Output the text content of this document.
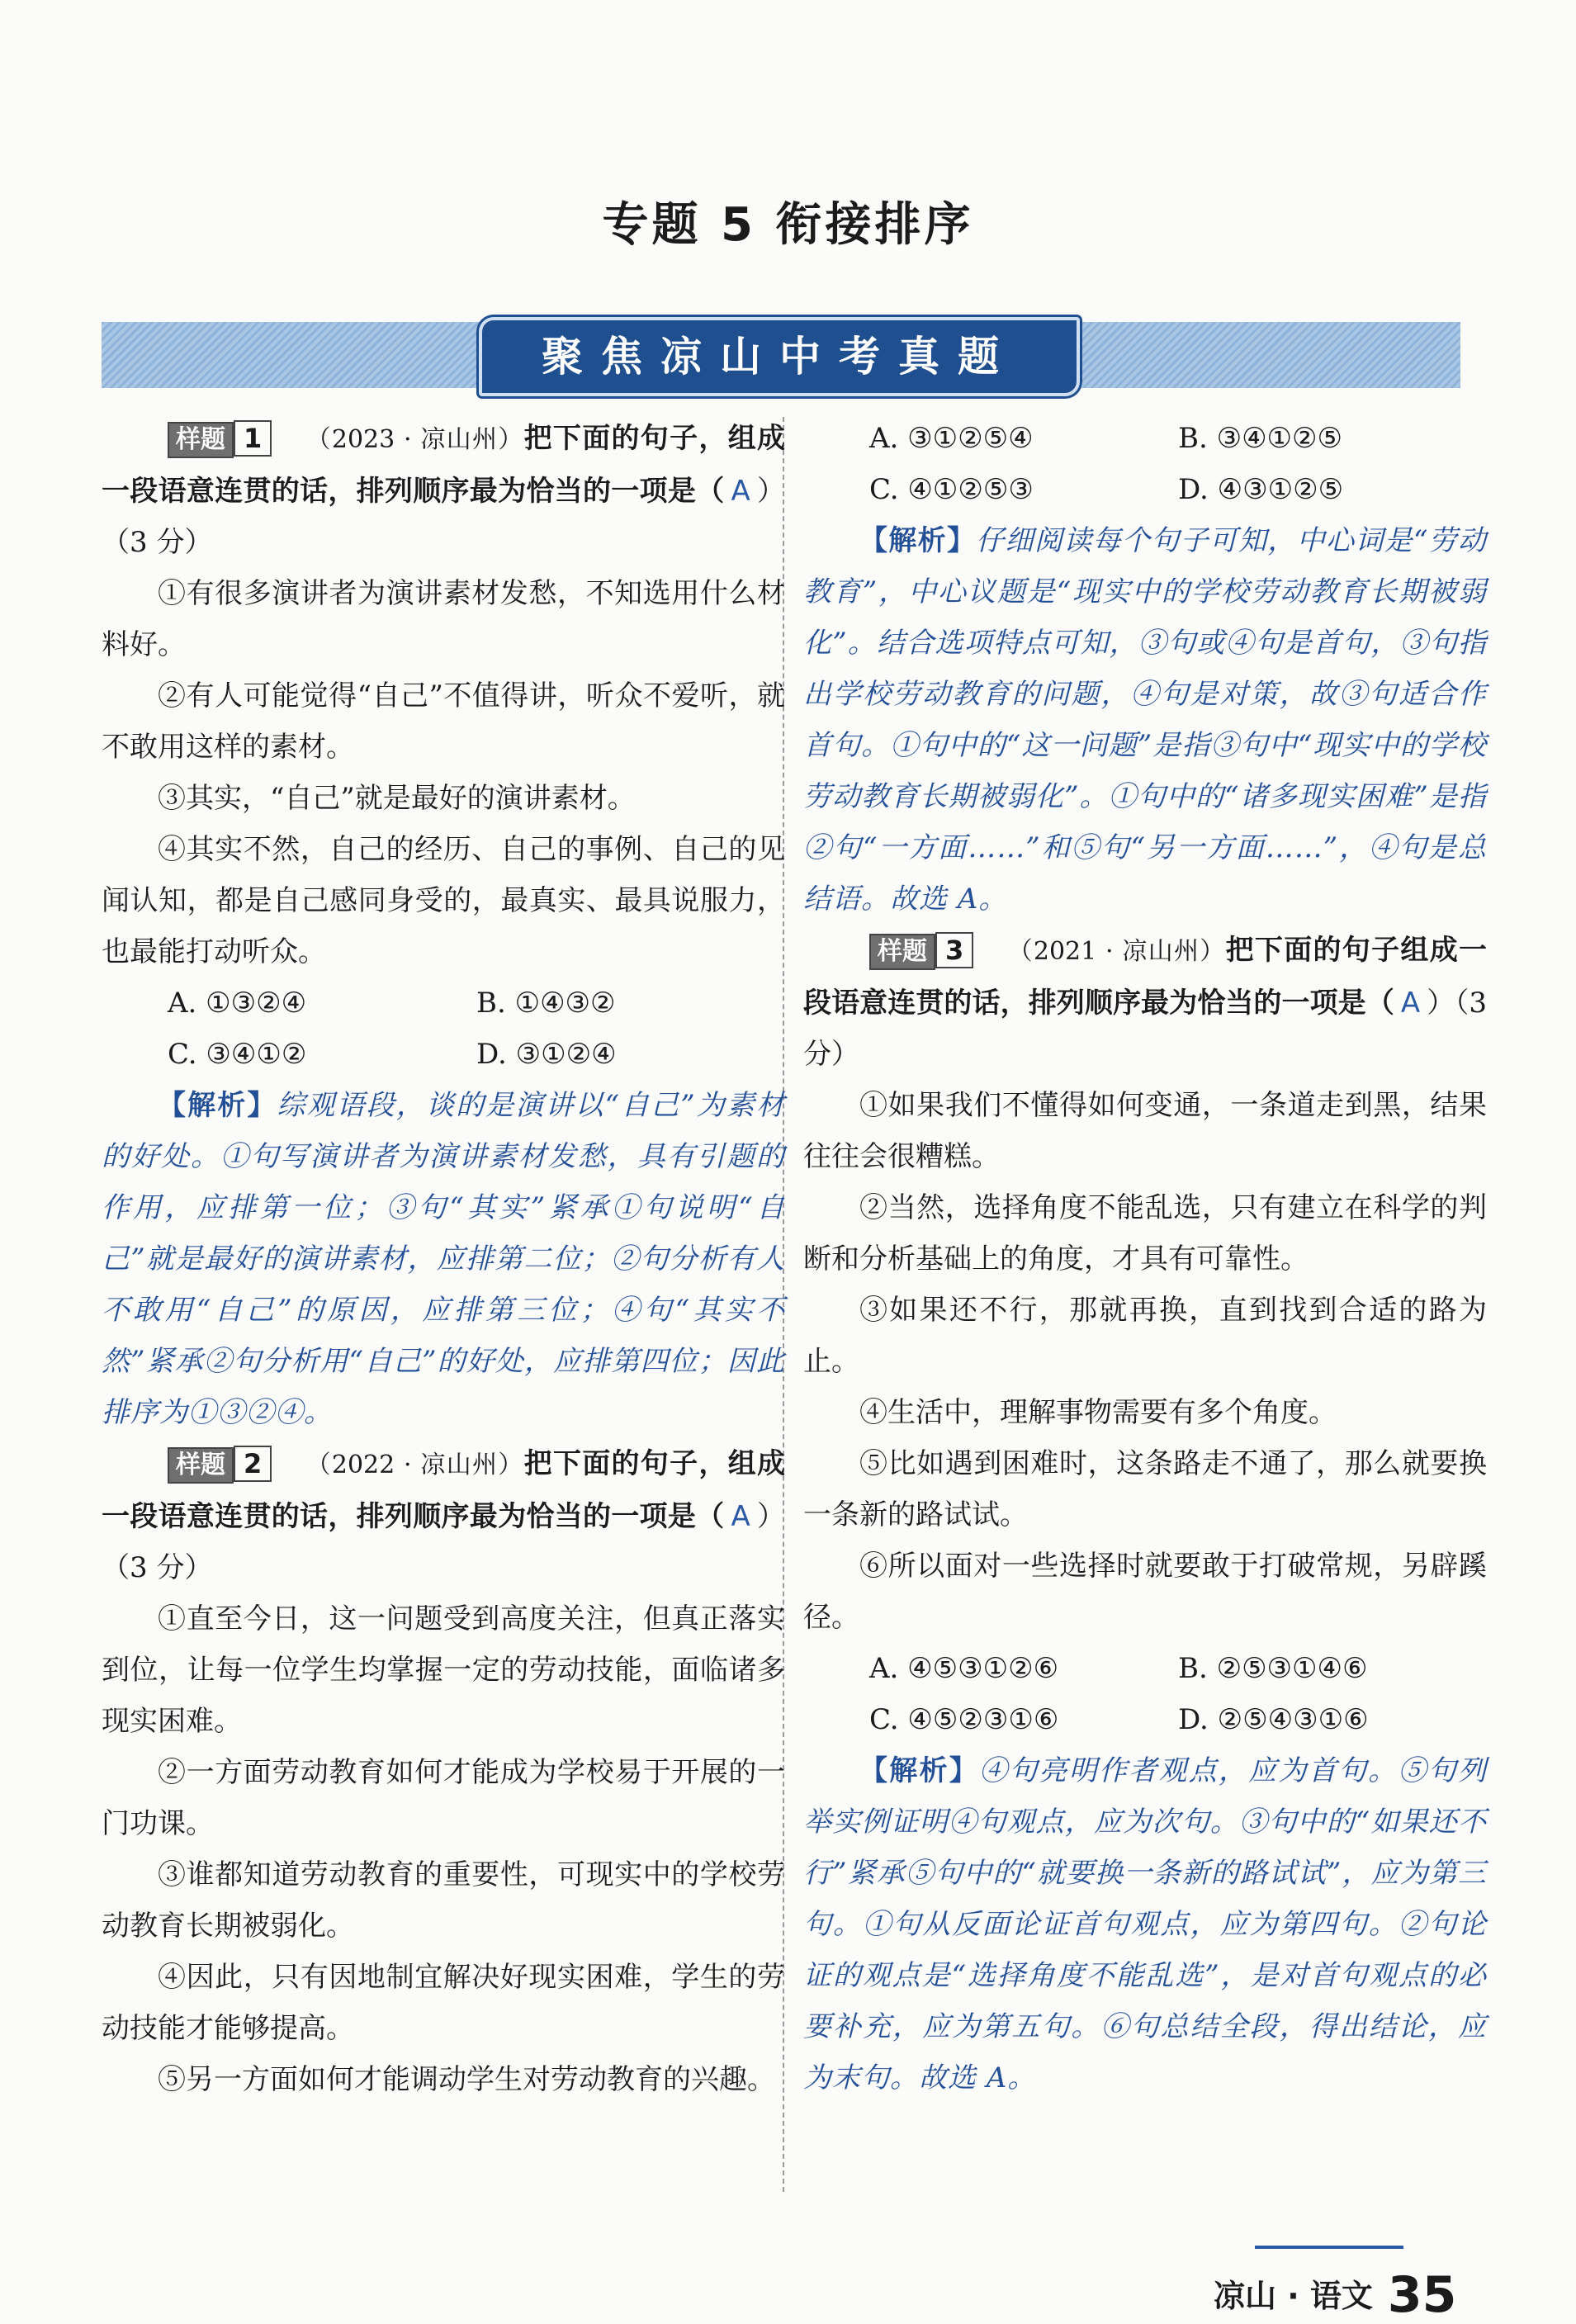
专题 5 衔接排序
聚焦凉山中考真题

样题 1 （2023 · 凉山州）把下面的句子，组成一段语意连贯的话，排列顺序最为恰当的一项是（ A ）（3 分）

①有很多演讲者为演讲素材发愁，不知选用什么材料好。

②有人可能觉得“自己”不值得讲，听众不爱听，就不敢用这样的素材。

③其实，“自己”就是最好的演讲素材。

④其实不然，自己的经历、自己的事例、自己的见闻认知，都是自己感同身受的，最真实、最具说服力，也最能打动听众。

A. ①③②④	B. ①④③②
C. ③④①②	D. ③①②④

【解析】综观语段，谈的是演讲以“自己”为素材的好处。①句写演讲者为演讲素材发愁，具有引题的作用，应排第一位；③句“其实”紧承①句说明“自己”就是最好的演讲素材，应排第二位；②句分析有人不敢用“自己”的原因，应排第三位；④句“其实不然”紧承②句分析用“自己”的好处，应排第四位；因此排序为①③②④。

样题 2 （2022 · 凉山州）把下面的句子，组成一段语意连贯的话，排列顺序最为恰当的一项是（ A ）（3 分）

①直至今日，这一问题受到高度关注，但真正落实到位，让每一位学生均掌握一定的劳动技能，面临诸多现实困难。

②一方面劳动教育如何才能成为学校易于开展的一门功课。

③谁都知道劳动教育的重要性，可现实中的学校劳动教育长期被弱化。

④因此，只有因地制宜解决好现实困难，学生的劳动技能才能够提高。

⑤另一方面如何才能调动学生对劳动教育的兴趣。

A. ③①②⑤④	B. ③④①②⑤
C. ④①②⑤③	D. ④③①②⑤

【解析】仔细阅读每个句子可知，中心词是“劳动教育”，中心议题是“现实中的学校劳动教育长期被弱化”。结合选项特点可知，③句或④句是首句，③句指出学校劳动教育的问题，④句是对策，故③句适合作首句。①句中的“这一问题”是指③句中“现实中的学校劳动教育长期被弱化”。①句中的“诸多现实困难”是指②句“一方面……”和⑤句“另一方面……”，④句是总结语。故选 A。

样题 3 （2021 · 凉山州）把下面的句子组成一段语意连贯的话，排列顺序最为恰当的一项是（ A ）（3 分）

①如果我们不懂得如何变通，一条道走到黑，结果往往会很糟糕。

②当然，选择角度不能乱选，只有建立在科学的判断和分析基础上的角度，才具有可靠性。

③如果还不行，那就再换，直到找到合适的路为止。

④生活中，理解事物需要有多个角度。

⑤比如遇到困难时，这条路走不通了，那么就要换一条新的路试试。

⑥所以面对一些选择时就要敢于打破常规，另辟蹊径。

A. ④⑤③①②⑥	B. ②⑤③①④⑥
C. ④⑤②③①⑥	D. ②⑤④③①⑥

【解析】④句亮明作者观点，应为首句。⑤句列举实例证明④句观点，应为次句。③句中的“如果还不行”紧承⑤句中的“就要换一条新的路试试”，应为第三句。①句从反面论证首句观点，应为第四句。②句论证的观点是“选择角度不能乱选”，是对首句观点的必要补充，应为第五句。⑥句总结全段，得出结论，应为末句。故选 A。

凉山 · 语文 35
